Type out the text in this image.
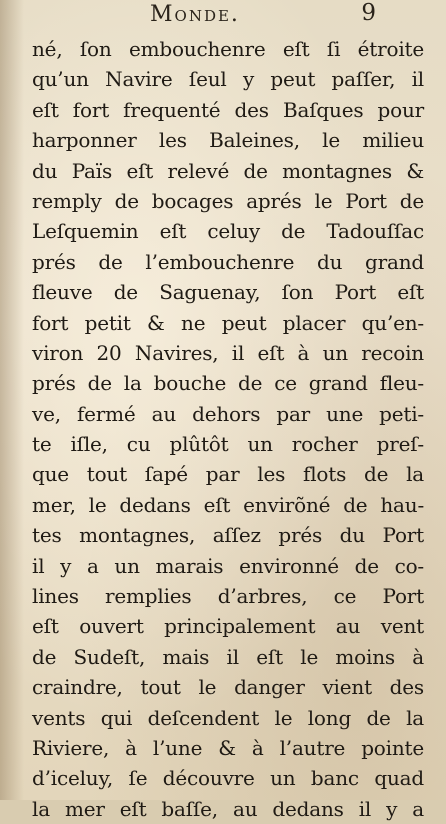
Monde.	9
né, ſon embouchenre eſt ſi étroite
qu’un Navire ſeul y peut paſſer, il
eſt fort frequenté des Baſques pour
harponner les Baleines, le milieu
du Païs eſt relevé de montagnes &
remply de bocages aprés le Port de
Leſquemin eſt celuy de Tadouſſac
prés de l’embouchenre du grand
fleuve de Saguenay, ſon Port eſt
fort petit & ne peut placer qu’en-
viron 20 Navires, il eſt à un recoin
prés de la bouche de ce grand fleu-
ve, fermé au dehors par une peti-
te iſle, cu plûtôt un rocher preſ-
que tout ſapé par les flots de la
mer, le dedans eſt envirõné de hau-
tes montagnes, aſſez prés du Port
il y a un marais environné de co-
lines remplies d’arbres, ce Port
eſt ouvert principalement au vent
de Sudeſt, mais il eſt le moins à
craindre, tout le danger vient des
vents qui deſcendent le long de la
Riviere, à l’une & à l’autre pointe
d’iceluy, ſe découvre un banc quad
la mer eſt baſſe, au dedans il y a
